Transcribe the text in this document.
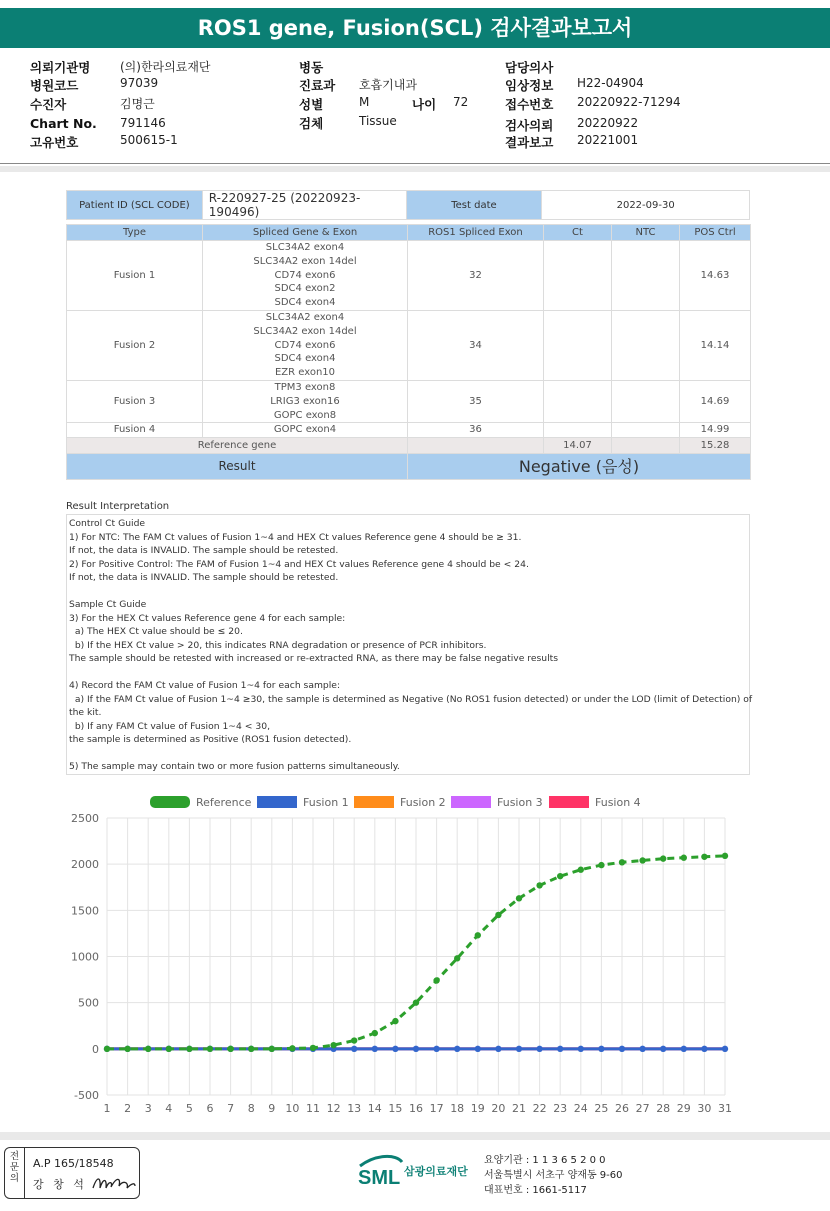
ROS1 gene, Fusion(SCL) 검사결과보고서
의뢰기관명 (의)한라의료재단
병원코드	97039
수진자	김명근
Chart No. 791146
고유번호	500615-1
병동
진료과 호흡기내과
성별	M	나이 72
검체	Tissue
담당의사
임상정보 H22-04904
접수번호 20220922-71294
검사의뢰 20220922
결과보고 20221001
Patient ID (SCL CODE)	R-220927-25 (20220923-190496)	Test date	2022-09-30
Type	Spliced Gene & Exon	ROS1 Spliced Exon	Ct	NTC	POS Ctrl
Fusion 1	SLC34A2 exon4
SLC34A2 exon 14del
CD74 exon6
SDC4 exon2
SDC4 exon4	32			14.63
Fusion 2	SLC34A2 exon4
SLC34A2 exon 14del
CD74 exon6
SDC4 exon4
EZR exon10	34			14.14
Fusion 3	TPM3 exon8
LRIG3 exon16
GOPC exon8	35			14.69
Fusion 4	GOPC exon4	36			14.99
Reference gene			14.07		15.28
Result		Negative (음성)			
Result Interpretation
Control Ct Guide
1) For NTC: The FAM Ct values of Fusion 1~4 and HEX Ct values Reference gene 4 should be ≥ 31.
If not, the data is INVALID. The sample should be retested.
2) For Positive Control: The FAM of Fusion 1~4 and HEX Ct values Reference gene 4 should be < 24.
If not, the data is INVALID. The sample should be retested.
Sample Ct Guide
3) For the HEX Ct values Reference gene 4 for each sample:
a) The HEX Ct value should be ≤ 20.
b) If the HEX Ct value > 20, this indicates RNA degradation or presence of PCR inhibitors.
The sample should be retested with increased or re-extracted RNA, as there may be false negative results
4) Record the FAM Ct value of Fusion 1~4 for each sample:
a) If the FAM Ct value of Fusion 1~4 ≥30, the sample is determined as Negative (No ROS1 fusion detected) or under the LOD (limit of Detection) of
the kit.
b) If any FAM Ct value of Fusion 1~4 < 30,
the sample is determined as Positive (ROS1 fusion detected).
5) The sample may contain two or more fusion patterns simultaneously.
-500
0
500
1000
1500
2000
2500
1 2 3 4 5 6 7 8 9 10 11 12 13 14 15 16 17 18 19 20 21 22 23 24 25 26 27 28 29 30 31
Reference	Fusion 1	Fusion 2	Fusion 3	Fusion 4
전
문
의
A.P 165/18548
강 창 석	SML 삼광의료재단
요양기관 : 1 1 3 6 5 2 0 0
서울특별시 서초구 양재동 9-60
대표번호 : 1661-5117
